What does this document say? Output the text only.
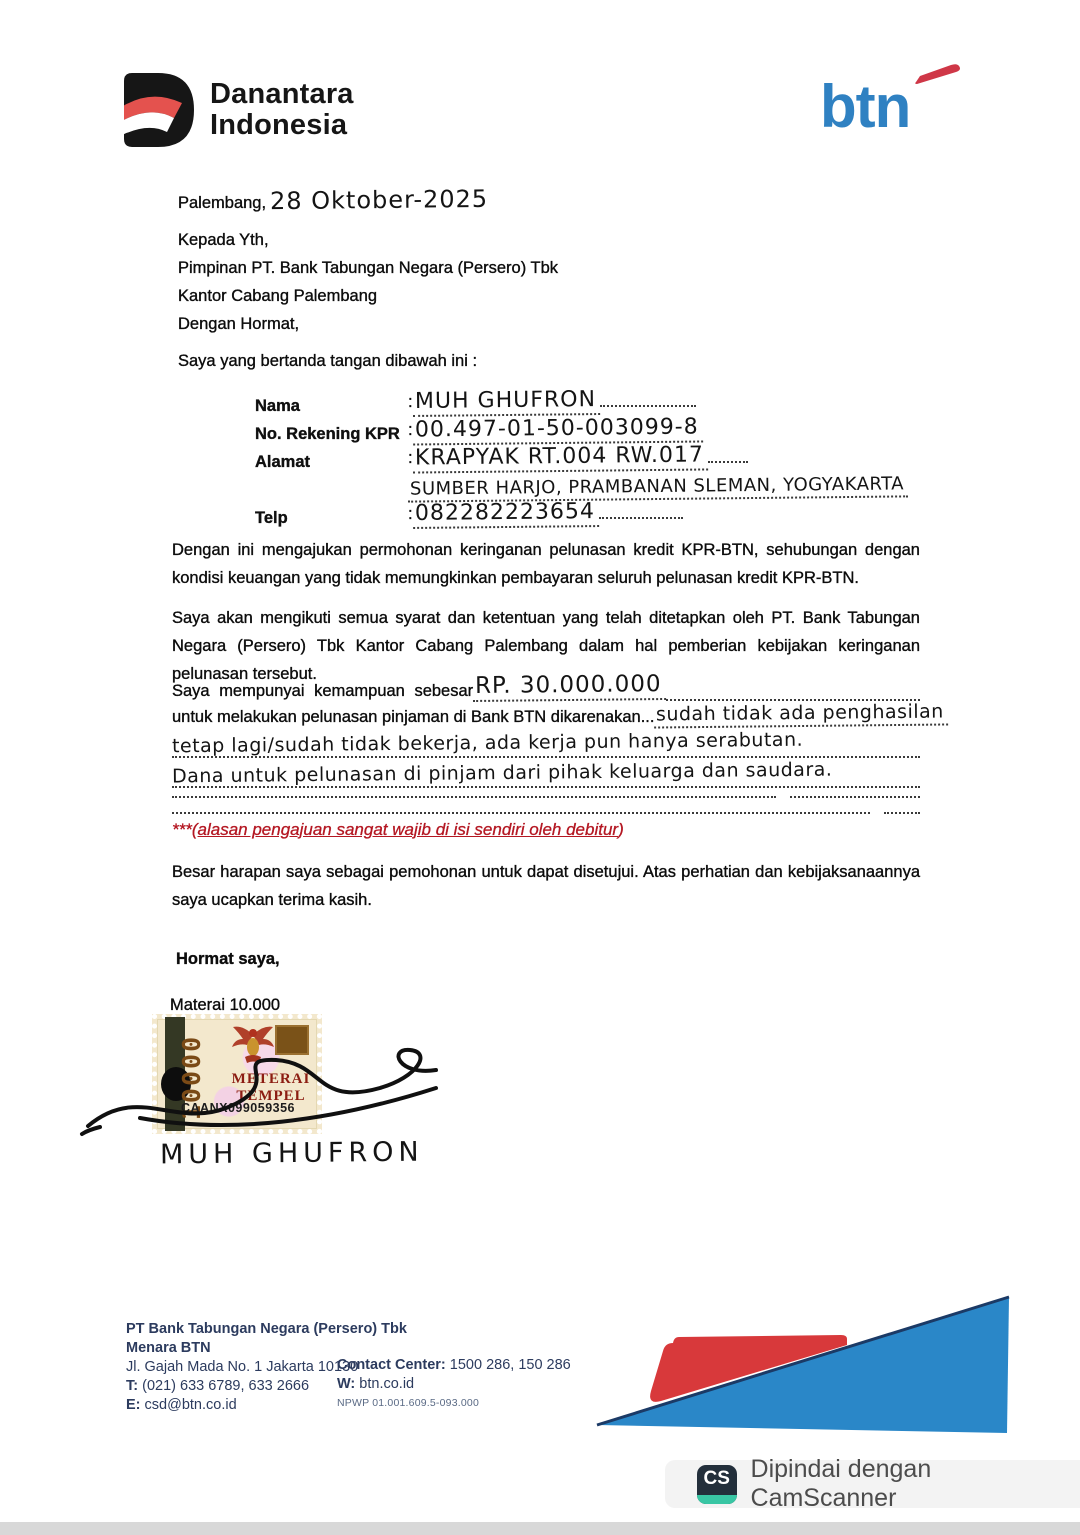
Danantara
Indonesia	btn
Palembang, 28 Oktober-2025
Kepada Yth,
Pimpinan PT. Bank Tabungan Negara (Persero) Tbk
Kantor Cabang Palembang
Dengan Hormat,
Saya yang bertanda tangan dibawah ini :
Nama	:MUH GHUFRON
No. Rekening KPR :00.497-01-50-003099-8
Alamat	:KRAPYAK RT.004 RW.017
SUMBER HARJO, PRAMBANAN SLEMAN, YOGYAKARTA
Telp	:082282223654
Dengan ini mengajukan permohonan keringanan pelunasan kredit KPR-BTN, sehubungan dengan kondisi keuangan yang tidak memungkinkan pembayaran seluruh pelunasan kredit KPR-BTN.
Saya akan mengikuti semua syarat dan ketentuan yang telah ditetapkan oleh PT. Bank Tabungan Negara (Persero) Tbk Kantor Cabang Palembang dalam hal pemberian kebijakan keringanan pelunasan tersebut.
Saya mempunyai kemampuan sebesar RP. 30.000.000
untuk melakukan pelunasan pinjaman di Bank BTN dikarenakan... sudah tidak ada penghasilan
tetap lagi/sudah tidak bekerja, ada kerja pun hanya serabutan.
Dana untuk pelunasan di pinjam dari pihak keluarga dan saudara.
***(alasan pengajuan sangat wajib di isi sendiri oleh debitur)
Besar harapan saya sebagai pemohonan untuk dapat disetujui. Atas perhatian dan kebijaksanaannya saya ucapkan terima kasih.
Hormat saya,
Materai 10.000
10000	METERAI
TEMPEL
CAANX099059356
MUH GHUFRON
PT Bank Tabungan Negara (Persero) Tbk
Menara BTN
Jl. Gajah Mada No. 1 Jakarta 10130
T: (021) 633 6789, 633 2666
E: csd@btn.co.id
Contact Center: 1500 286, 150 286
W: btn.co.id
NPWP 01.001.609.5-093.000
CS Dipindai dengan CamScanner
